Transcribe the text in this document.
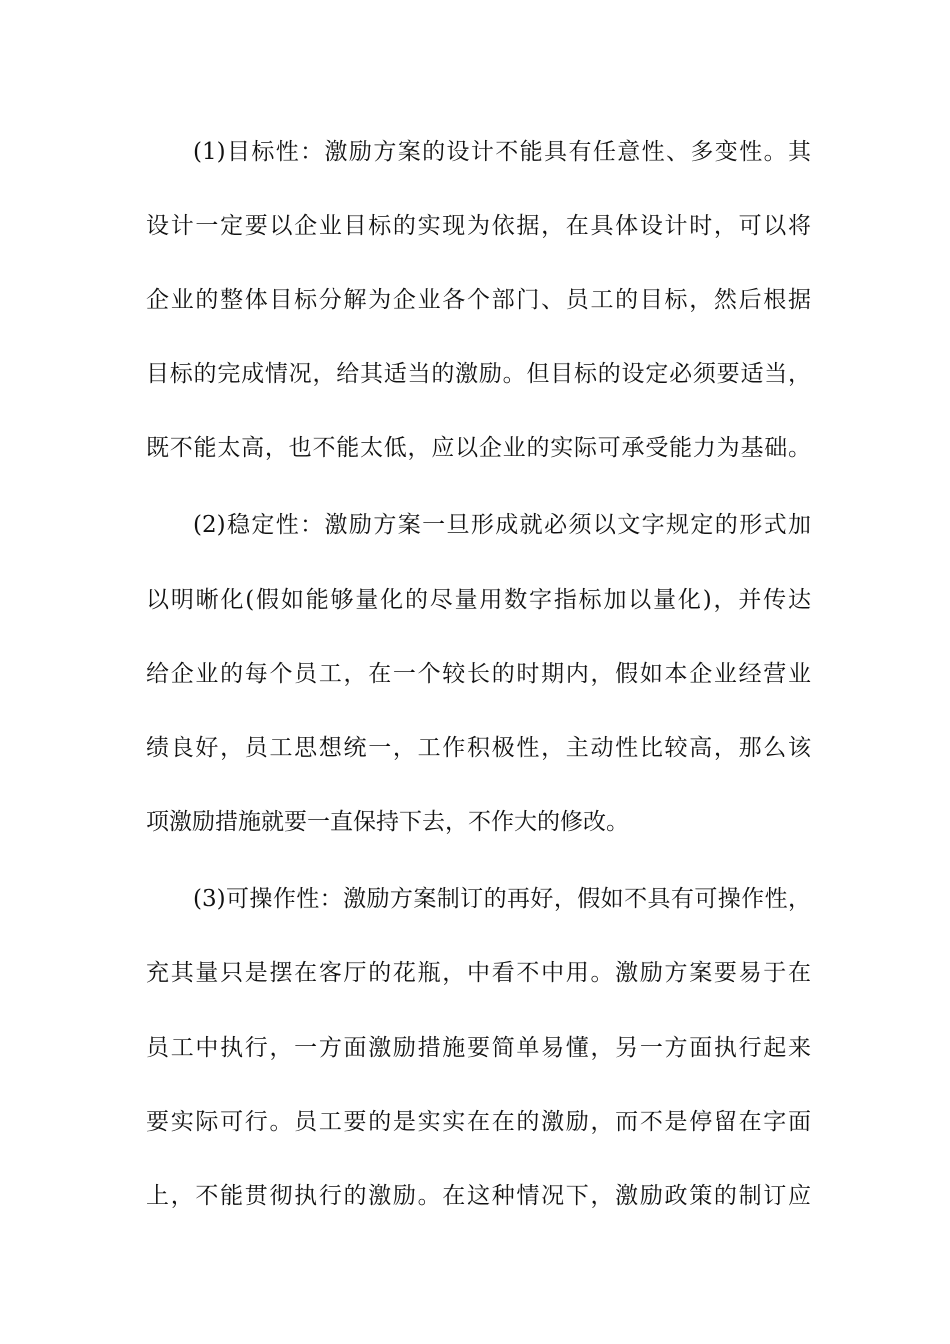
(1)目标性：激励方案的设计不能具有任意性、多变性。其
设计一定要以企业目标的实现为依据，在具体设计时，可以将
企业的整体目标分解为企业各个部门、员工的目标，然后根据
目标的完成情况，给其适当的激励。但目标的设定必须要适当，
既不能太高，也不能太低，应以企业的实际可承受能力为基础。
(2)稳定性：激励方案一旦形成就必须以文字规定的形式加
以明晰化(假如能够量化的尽量用数字指标加以量化)，并传达
给企业的每个员工，在一个较长的时期内，假如本企业经营业
绩良好，员工思想统一，工作积极性，主动性比较高，那么该
项激励措施就要一直保持下去，不作大的修改。
(3)可操作性：激励方案制订的再好，假如不具有可操作性，
充其量只是摆在客厅的花瓶，中看不中用。激励方案要易于在
员工中执行，一方面激励措施要简单易懂，另一方面执行起来
要实际可行。员工要的是实实在在的激励，而不是停留在字面
上，不能贯彻执行的激励。在这种情况下，激励政策的制订应
